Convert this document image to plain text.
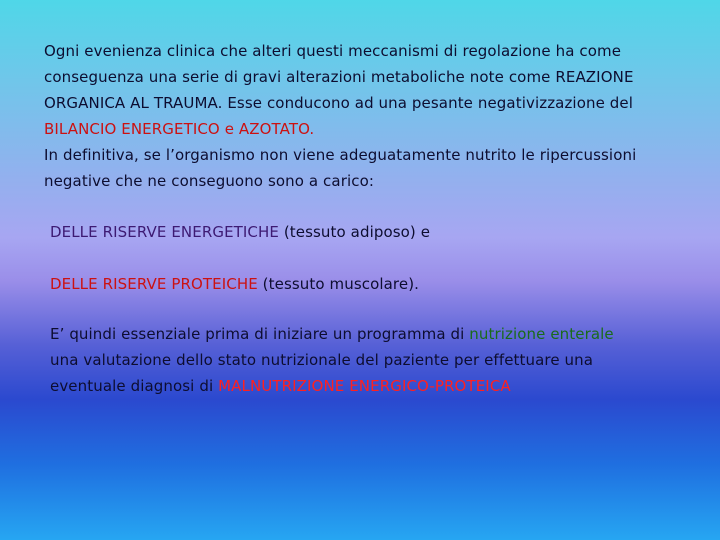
Ogni evenienza clinica che alteri questi meccanismi di regolazione ha come
conseguenza una serie di gravi alterazioni metaboliche note come REAZIONE
ORGANICA AL TRAUMA. Esse conducono ad una pesante negativizzazione del
BILANCIO ENERGETICO e AZOTATO.
In definitiva, se l’organismo non viene adeguatamente nutrito le ripercussioni
negative che ne conseguono sono a carico:
DELLE RISERVE ENERGETICHE (tessuto adiposo) e
DELLE RISERVE PROTEICHE (tessuto muscolare).
E’ quindi essenziale prima di iniziare un programma di nutrizione enterale
una valutazione dello stato nutrizionale del paziente per effettuare una
eventuale diagnosi di MALNUTRIZIONE ENERGICO-PROTEICA
